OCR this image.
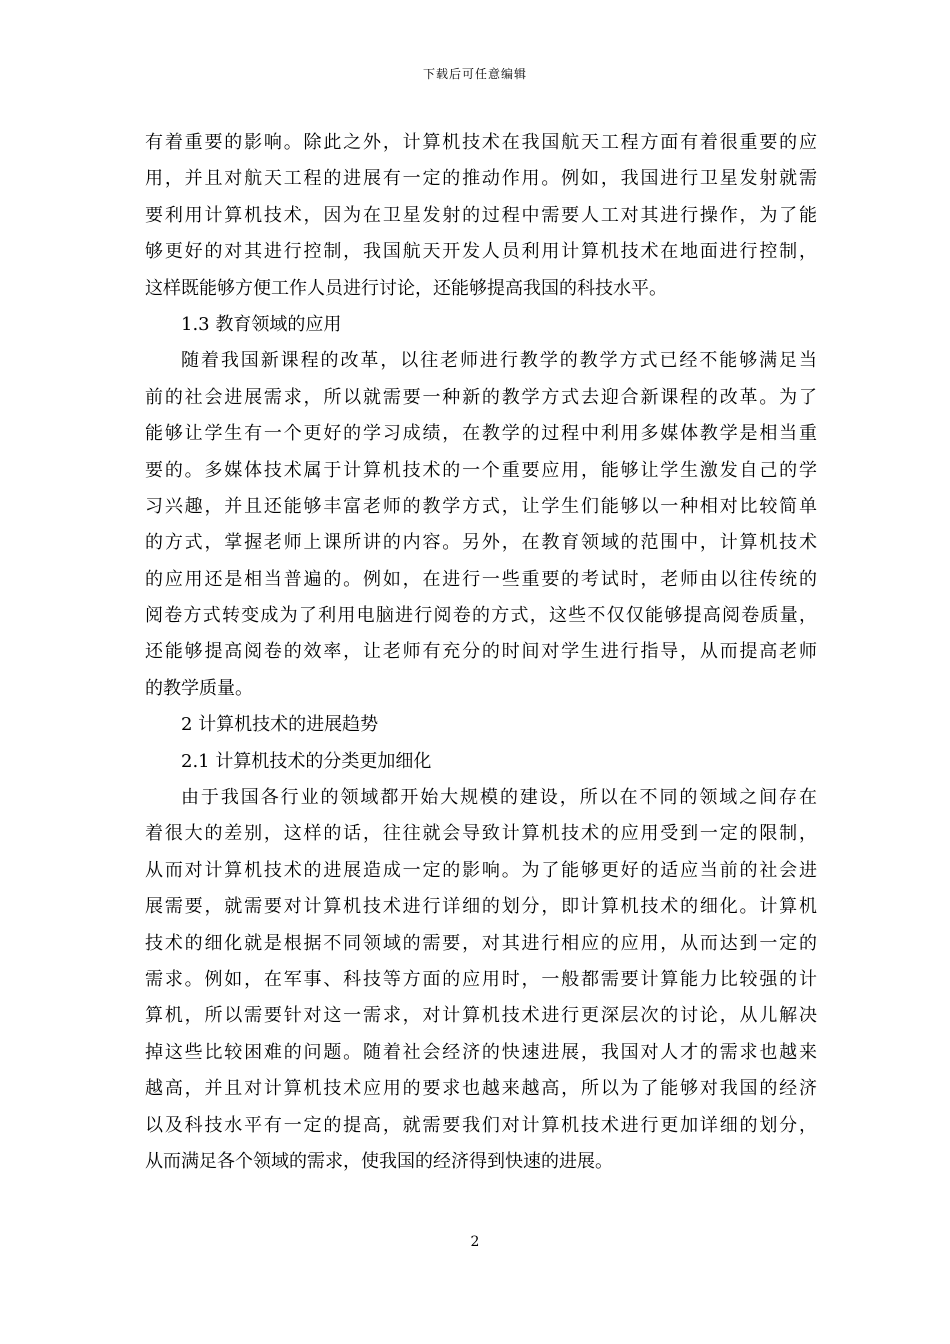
下载后可任意编辑
有着重要的影响。除此之外，计算机技术在我国航天工程方面有着很重要的应
用，并且对航天工程的进展有一定的推动作用。例如，我国进行卫星发射就需
要利用计算机技术，因为在卫星发射的过程中需要人工对其进行操作，为了能
够更好的对其进行控制，我国航天开发人员利用计算机技术在地面进行控制，
这样既能够方便工作人员进行讨论，还能够提高我国的科技水平。
1.3 教育领域的应用
随着我国新课程的改革，以往老师进行教学的教学方式已经不能够满足当
前的社会进展需求，所以就需要一种新的教学方式去迎合新课程的改革。为了
能够让学生有一个更好的学习成绩，在教学的过程中利用多媒体教学是相当重
要的。多媒体技术属于计算机技术的一个重要应用，能够让学生激发自己的学
习兴趣，并且还能够丰富老师的教学方式，让学生们能够以一种相对比较简单
的方式，掌握老师上课所讲的内容。另外，在教育领域的范围中，计算机技术
的应用还是相当普遍的。例如，在进行一些重要的考试时，老师由以往传统的
阅卷方式转变成为了利用电脑进行阅卷的方式，这些不仅仅能够提高阅卷质量，
还能够提高阅卷的效率，让老师有充分的时间对学生进行指导，从而提高老师
的教学质量。
2 计算机技术的进展趋势
2.1 计算机技术的分类更加细化
由于我国各行业的领域都开始大规模的建设，所以在不同的领域之间存在
着很大的差别，这样的话，往往就会导致计算机技术的应用受到一定的限制，
从而对计算机技术的进展造成一定的影响。为了能够更好的适应当前的社会进
展需要，就需要对计算机技术进行详细的划分，即计算机技术的细化。计算机
技术的细化就是根据不同领域的需要，对其进行相应的应用，从而达到一定的
需求。例如，在军事、科技等方面的应用时，一般都需要计算能力比较强的计
算机，所以需要针对这一需求，对计算机技术进行更深层次的讨论，从儿解决
掉这些比较困难的问题。随着社会经济的快速进展，我国对人才的需求也越来
越高，并且对计算机技术应用的要求也越来越高，所以为了能够对我国的经济
以及科技水平有一定的提高，就需要我们对计算机技术进行更加详细的划分，
从而满足各个领域的需求，使我国的经济得到快速的进展。
2
